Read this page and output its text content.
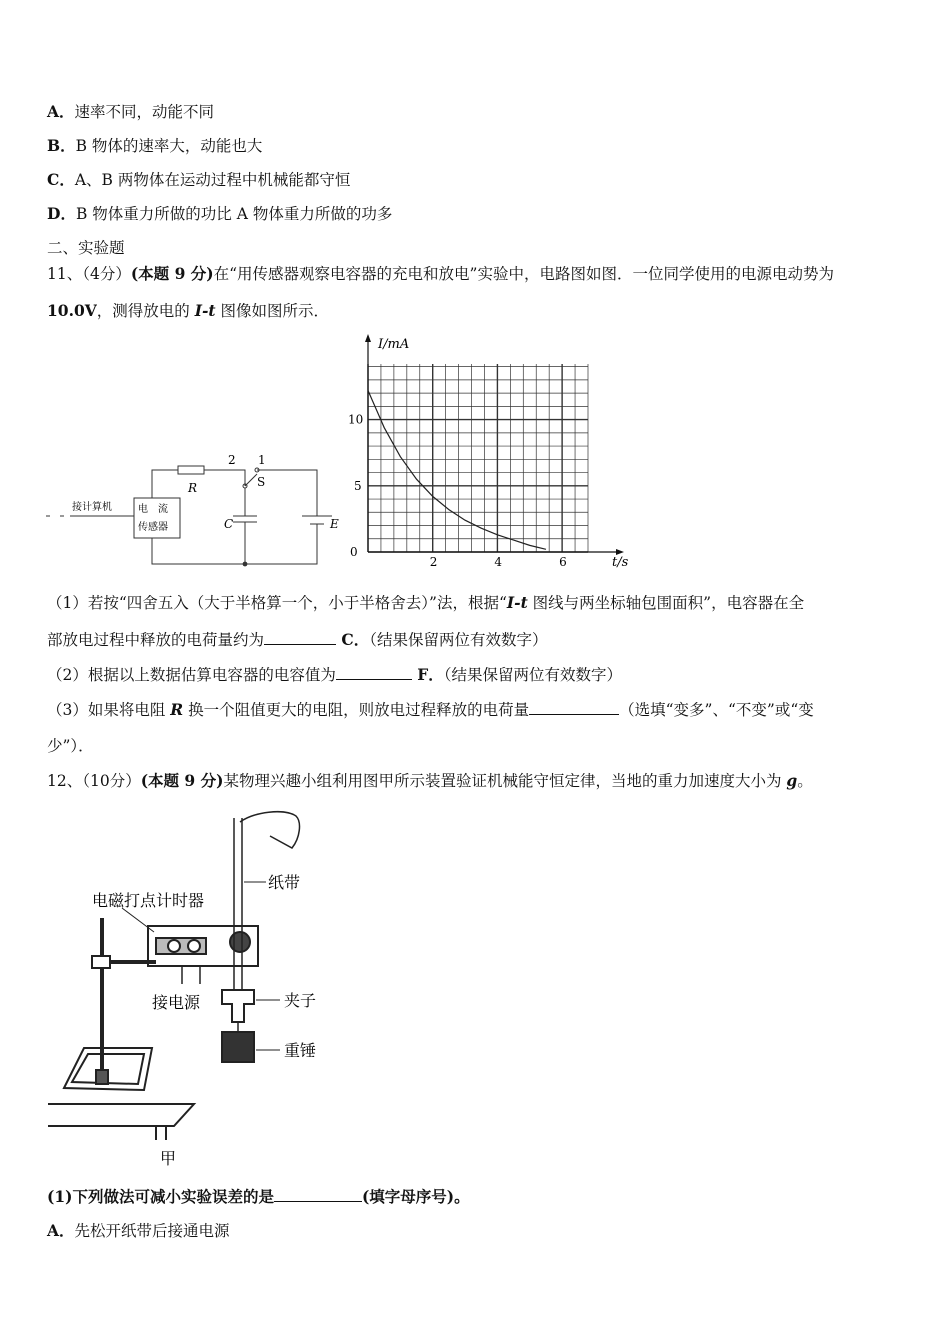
A．速率不同，动能不同
B．B 物体的速率大，动能也大
C．A、B 两物体在运动过程中机械能都守恒
D．B 物体重力所做的功比 A 物体重力所做的功多
二、实验题
11、（4分）(本题 9 分)在“用传感器观察电容器的充电和放电”实验中，电路图如图．一位同学使用的电源电动势为
10.0V，测得放电的 I-t 图像如图所示．
接计算机	电　流
传感器
R
2 1
S
C	E
2	4	6
5
10
0
I/mA
t/s
（1）若按“四舍五入（大于半格算一个，小于半格舍去）”法，根据“I-t 图线与两坐标轴包围面积”，电容器在全
部放电过程中释放的电荷量约为	C．（结果保留两位有效数字）
（2）根据以上数据估算电容器的电容值为	F．（结果保留两位有效数字）
（3）如果将电阻 R 换一个阻值更大的电阻，则放电过程释放的电荷量	（选填“变多”、“不变”或“变
少”）．
12、（10分）(本题 9 分)某物理兴趣小组利用图甲所示装置验证机械能守恒定律，当地的重力加速度大小为 g。
电磁打点计时器
纸带
接电源	夹子
重锤
甲
(1)下列做法可减小实验误差的是	(填字母序号)。
A．先松开纸带后接通电源
